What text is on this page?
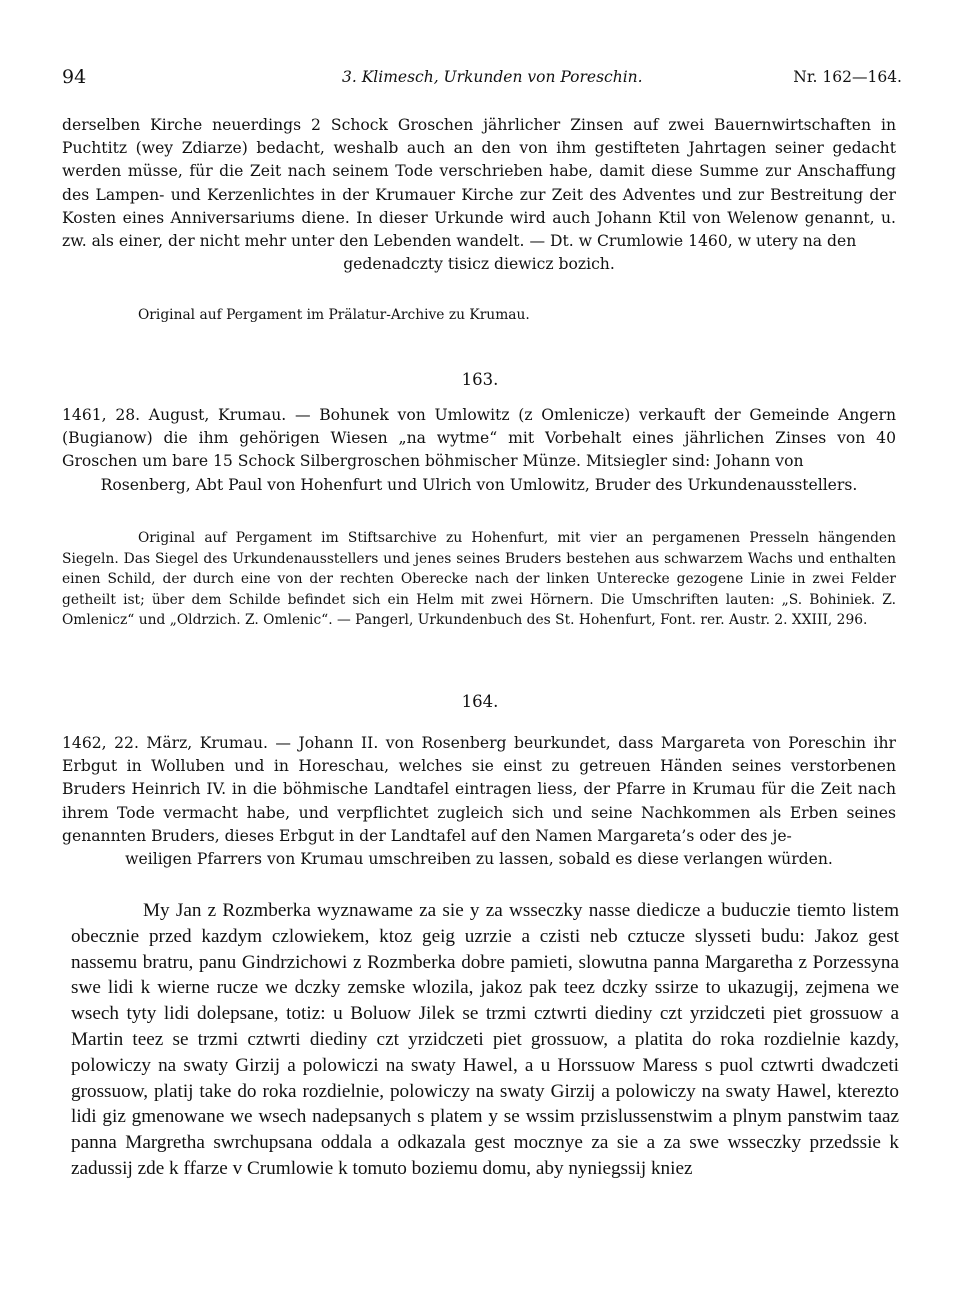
94	3. Klimesch, Urkunden von Poreschin.	Nr. 162—164.

derselben Kirche neuerdings 2 Schock Groschen jährlicher Zinsen auf zwei Bauernwirtschaften in Puchtitz (wey Zdiarze) bedacht, weshalb auch an den von ihm gestifteten Jahrtagen seiner gedacht werden müsse, für die Zeit nach seinem Tode verschrieben habe, damit diese Summe zur Anschaffung des Lampen- und Kerzenlichtes in der Krumauer Kirche zur Zeit des Adventes und zur Bestreitung der Kosten eines Anniversariums diene. In dieser Urkunde wird auch Johann Ktil von Welenow genannt, u. zw. als einer, der nicht mehr unter den Lebenden wandelt. — Dt. w Crumlowie 1460, w utery na den

gedenadczty tisicz diewicz bozich.

Original auf Pergament im Prälatur-Archive zu Krumau.

163.

1461, 28. August, Krumau. — Bohunek von Umlowitz (z Omlenicze) verkauft der Gemeinde Angern (Bugianow) die ihm gehörigen Wiesen „na wytme“ mit Vorbehalt eines jährlichen Zinses von 40 Groschen um bare 15 Schock Silbergroschen böhmischer Münze. Mitsiegler sind: Johann von

Rosenberg, Abt Paul von Hohenfurt und Ulrich von Umlowitz, Bruder des Urkundenausstellers.

Original auf Pergament im Stiftsarchive zu Hohenfurt, mit vier an pergamenen Presseln hängenden Siegeln. Das Siegel des Urkundenausstellers und jenes seines Bruders bestehen aus schwarzem Wachs und enthalten einen Schild, der durch eine von der rechten Oberecke nach der linken Unterecke gezogene Linie in zwei Felder getheilt ist; über dem Schilde befindet sich ein Helm mit zwei Hörnern. Die Umschriften lauten: „S. Bohiniek. Z. Omlenicz“ und „Oldrzich. Z. Omlenic“. — Pangerl, Urkundenbuch des St. Hohenfurt, Font. rer. Austr. 2. XXIII, 296.

164.

1462, 22. März, Krumau. — Johann II. von Rosenberg beurkundet, dass Margareta von Poreschin ihr Erbgut in Wolluben und in Horeschau, welches sie einst zu getreuen Händen seines verstorbenen Bruders Heinrich IV. in die böhmische Landtafel eintragen liess, der Pfarre in Krumau für die Zeit nach ihrem Tode vermacht habe, und verpflichtet zugleich sich und seine Nachkommen als Erben seines genannten Bruders, dieses Erbgut in der Landtafel auf den Namen Margareta’s oder des je-

weiligen Pfarrers von Krumau umschreiben zu lassen, sobald es diese verlangen würden.

My Jan z Rozmberka wyznawame za sie y za wsseczky nasse diedicze a buduczie tiemto listem obecznie przed kazdym czlowiekem, ktoz geig uzrzie a czisti neb cztucze slysseti budu: Jakoz gest nassemu bratru, panu Gindrzichowi z Rozmberka dobre pamieti, slowutna panna Margaretha z Porzessyna swe lidi k wierne rucze we dczky zemske wlozila, jakoz pak teez dczky ssirze to ukazugij, zejmena we wsech tyty lidi dolepsane, totiz: u Boluow Jilek se trzmi cztwrti diediny czt yrzidczeti piet grossuow a Martin teez se trzmi cztwrti diediny czt yrzidczeti piet grossuow, a platita do roka rozdielnie kazdy, polowiczy na swaty Girzij a polowiczi na swaty Hawel, a u Horssuow Maress s puol cztwrti dwadczeti grossuow, platij take do roka rozdielnie, polowiczy na swaty Girzij a polowiczy na swaty Hawel, kterezto lidi giz gmenowane we wsech nadepsanych s platem y se wssim przislussenstwim a plnym panstwim taaz panna Margretha swrchupsana oddala a odkazala gest mocznye za sie a za swe wsseczky przedssie k zadussij zde k ffarze v Crumlowie k tomuto boziemu domu, aby nyniegssij kniez
